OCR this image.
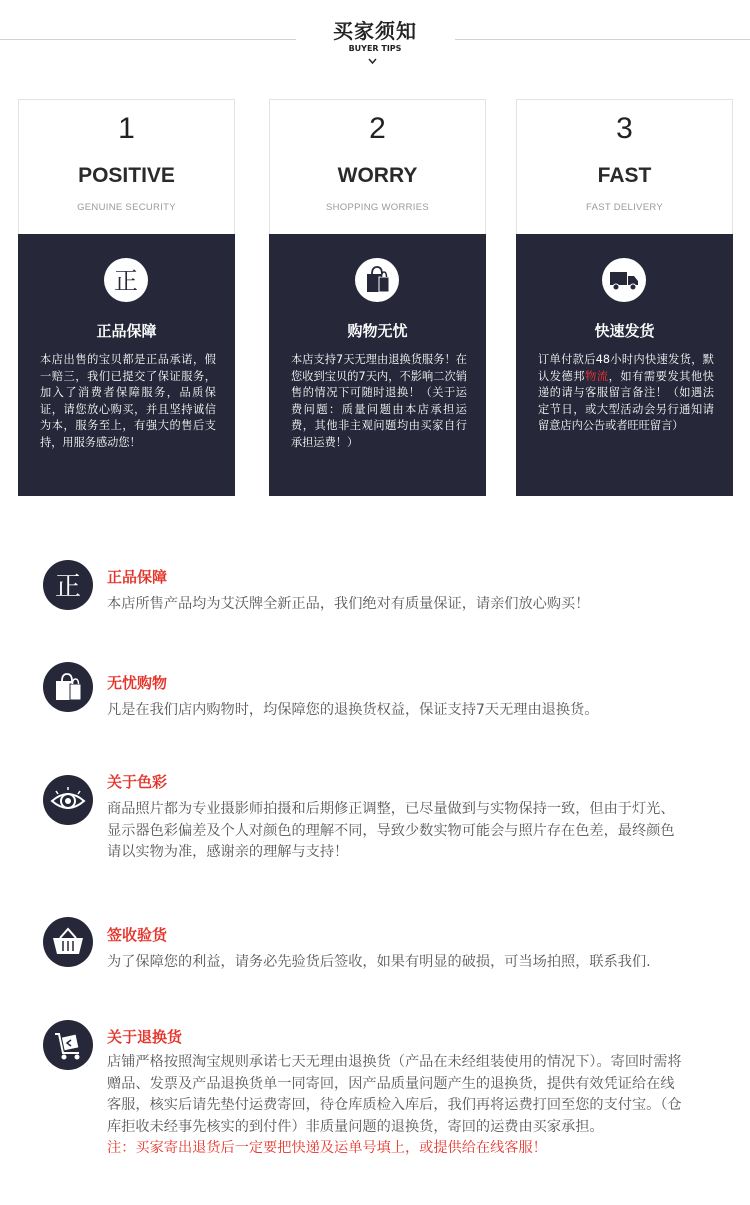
买家须知
BUYER TIPS
1
POSITIVE
GENUINE SECURITY
正
正品保障
本店出售的宝贝都是正品承诺，假一赔三，我们已提交了保证服务，加入了消费者保障服务，品质保证，请您放心购买，并且坚持诚信为本，服务至上，有强大的售后支持，用服务感动您！
2
WORRY
SHOPPING WORRIES
购物无忧
本店支持7天无理由退换货服务！在您收到宝贝的7天内，不影响二次销售的情况下可随时退换！（关于运费问题：质量问题由本店承担运费，其他非主观问题均由买家自行承担运费！）
3
FAST
FAST DELIVERY
快速发货
订单付款后48小时内快速发货，默认发德邦物流，如有需要发其他快递的请与客服留言备注！（如遇法定节日，或大型活动会另行通知请留意店内公告或者旺旺留言）
正 正品保障
本店所售产品均为艾沃牌全新正品，我们绝对有质量保证，请亲们放心购买！
无忧购物
凡是在我们店内购物时，均保障您的退换货权益，保证支持7天无理由退换货。
关于色彩
商品照片都为专业摄影师拍摄和后期修正调整，已尽量做到与实物保持一致，但由于灯光、显示器色彩偏差及个人对颜色的理解不同，导致少数实物可能会与照片存在色差，最终颜色请以实物为准，感谢亲的理解与支持！
签收验货
为了保障您的利益，请务必先验货后签收，如果有明显的破损，可当场拍照，联系我们.
关于退换货
店铺严格按照淘宝规则承诺七天无理由退换货（产品在未经组装使用的情况下）。寄回时需将赠品、发票及产品退换货单一同寄回，因产品质量问题产生的退换货，提供有效凭证给在线客服，核实后请先垫付运费寄回，待仓库质检入库后，我们再将运费打回至您的支付宝。（仓库拒收未经事先核实的到付件）非质量问题的退换货，寄回的运费由买家承担。
注：买家寄出退货后一定要把快递及运单号填上，或提供给在线客服！
